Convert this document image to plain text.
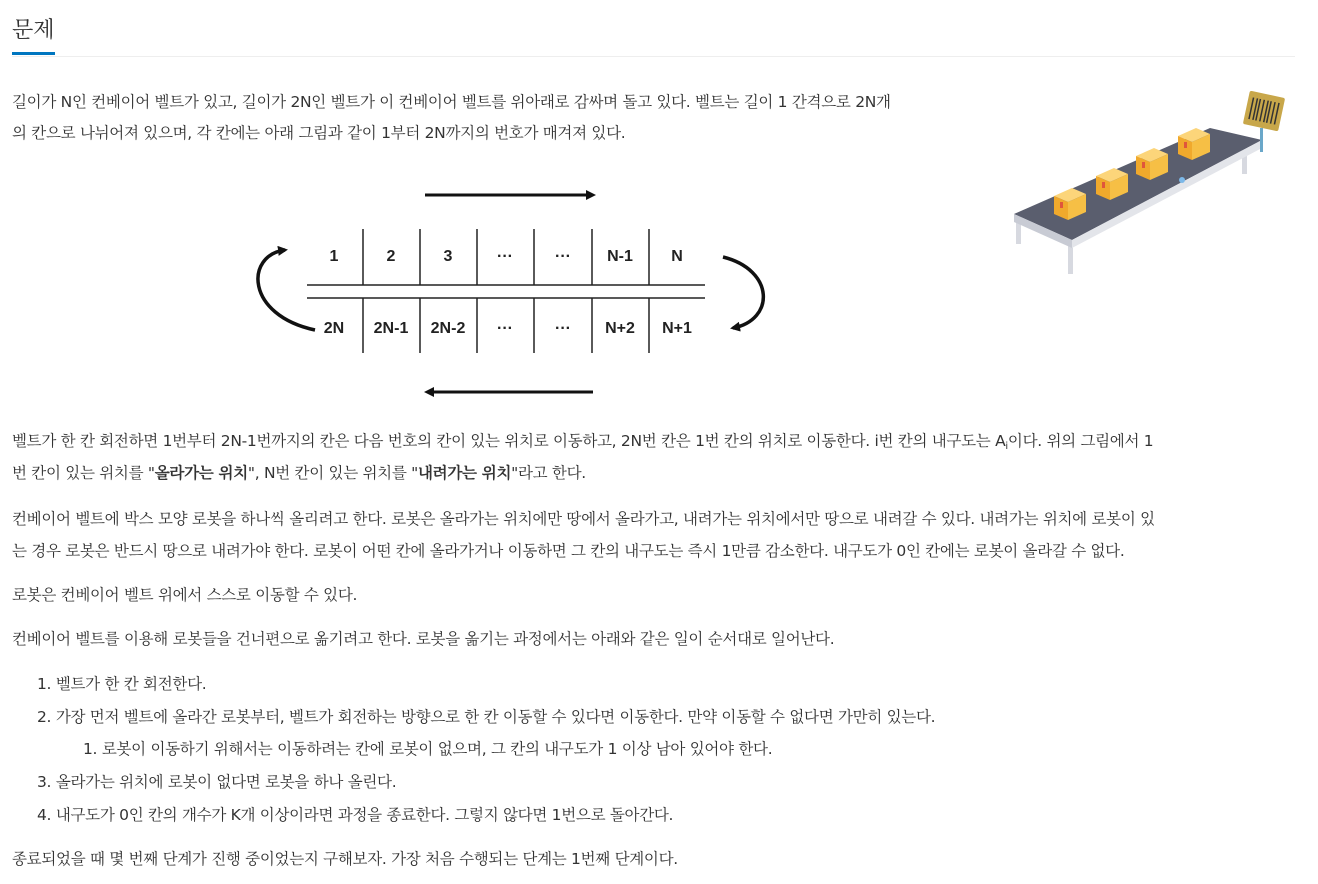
문제

길이가 N인 컨베이어 벨트가 있고, 길이가 2N인 벨트가 이 컨베이어 벨트를 위아래로 감싸며 돌고 있다. 벨트는 길이 1 간격으로 2N개

의 칸으로 나뉘어져 있으며, 각 칸에는 아래 그림과 같이 1부터 2N까지의 번호가 매겨져 있다.

1	2	3	···	··· N-1 N
2N 2N-1 2N-2 ···	··· N+2 N+1

벨트가 한 칸 회전하면 1번부터 2N-1번까지의 칸은 다음 번호의 칸이 있는 위치로 이동하고, 2N번 칸은 1번 칸의 위치로 이동한다. i번 칸의 내구도는 $A_i$이다. 위의 그림에서 1

번 칸이 있는 위치를 "올라가는 위치", N번 칸이 있는 위치를 "내려가는 위치"라고 한다.

컨베이어 벨트에 박스 모양 로봇을 하나씩 올리려고 한다. 로봇은 올라가는 위치에만 땅에서 올라가고, 내려가는 위치에서만 땅으로 내려갈 수 있다. 내려가는 위치에 로봇이 있

는 경우 로봇은 반드시 땅으로 내려가야 한다. 로봇이 어떤 칸에 올라가거나 이동하면 그 칸의 내구도는 즉시 1만큼 감소한다. 내구도가 0인 칸에는 로봇이 올라갈 수 없다.

로봇은 컨베이어 벨트 위에서 스스로 이동할 수 있다.

컨베이어 벨트를 이용해 로봇들을 건너편으로 옮기려고 한다. 로봇을 옮기는 과정에서는 아래와 같은 일이 순서대로 일어난다.

1. 벨트가 한 칸 회전한다.

2. 가장 먼저 벨트에 올라간 로봇부터, 벨트가 회전하는 방향으로 한 칸 이동할 수 있다면 이동한다. 만약 이동할 수 없다면 가만히 있는다.

1. 로봇이 이동하기 위해서는 이동하려는 칸에 로봇이 없으며, 그 칸의 내구도가 1 이상 남아 있어야 한다.

3. 올라가는 위치에 로봇이 없다면 로봇을 하나 올린다.

4. 내구도가 0인 칸의 개수가 K개 이상이라면 과정을 종료한다. 그렇지 않다면 1번으로 돌아간다.

종료되었을 때 몇 번째 단계가 진행 중이었는지 구해보자. 가장 처음 수행되는 단계는 1번째 단계이다.
